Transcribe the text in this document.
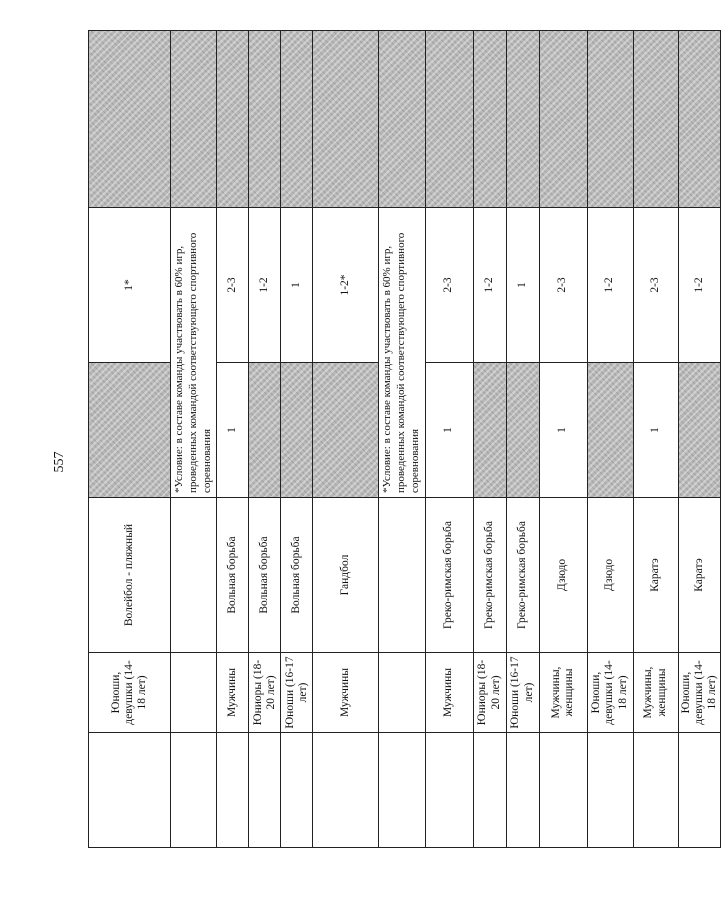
557
	Юноши, девушки (14-18 лет)	Волейбол - пляжный		1*	
			*Условие: в составе команды участвовать в 60% игр, проведенных командой соответствующего спортивного соревнования		
	Мужчины	Вольная борьба	1	2-3	
	Юниоры (18-20 лет)	Вольная борьба		1-2	
	Юноши (16-17 лет)	Вольная борьба		1	
	Мужчины	Гандбол		1-2*	
			*Условие: в составе команды участвовать в 60% игр, проведенных командой соответствующего спортивного соревнования		
	Мужчины	Греко-римская борьба	1	2-3	
	Юниоры (18-20 лет)	Греко-римская борьба		1-2	
	Юноши (16-17 лет)	Греко-римская борьба		1	
	Мужчины, женщины	Дзюдо	1	2-3	
	Юноши, девушки (14-18 лет)	Дзюдо		1-2	
	Мужчины, женщины	Каратэ	1	2-3	
	Юноши, девушки (14-18 лет)	Каратэ		1-2	
